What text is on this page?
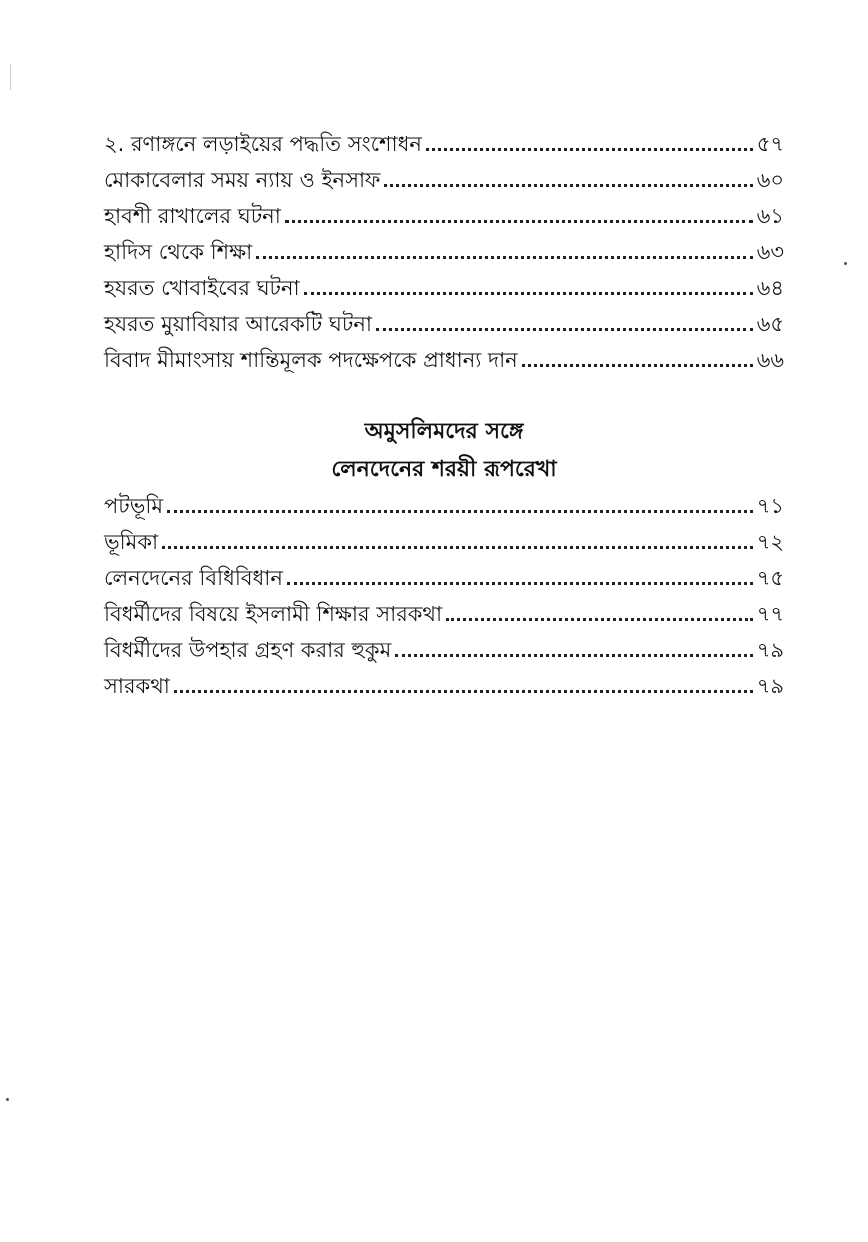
২. রণাঙ্গনে লড়াইয়ের পদ্ধতি সংশোধন	৫৭
মোকাবেলার সময় ন্যায় ও ইনসাফ	৬০
হাবশী রাখালের ঘটনা	৬১
হাদিস থেকে শিক্ষা	৬৩
হযরত খোবাইবের ঘটনা	৬৪
হযরত মুয়াবিয়ার আরেকটি ঘটনা	৬৫
বিবাদ মীমাংসায় শান্তিমূলক পদক্ষেপকে প্রাধান্য দান	৬৬
অমুসলিমদের সঙ্গে
লেনদেনের শরয়ী রূপরেখা
পটভূমি	৭১
ভূমিকা	৭২
লেনদেনের বিধিবিধান	৭৫
বিধর্মীদের বিষয়ে ইসলামী শিক্ষার সারকথা	৭৭
বিধর্মীদের উপহার গ্রহণ করার হুকুম	৭৯
সারকথা	৭৯
